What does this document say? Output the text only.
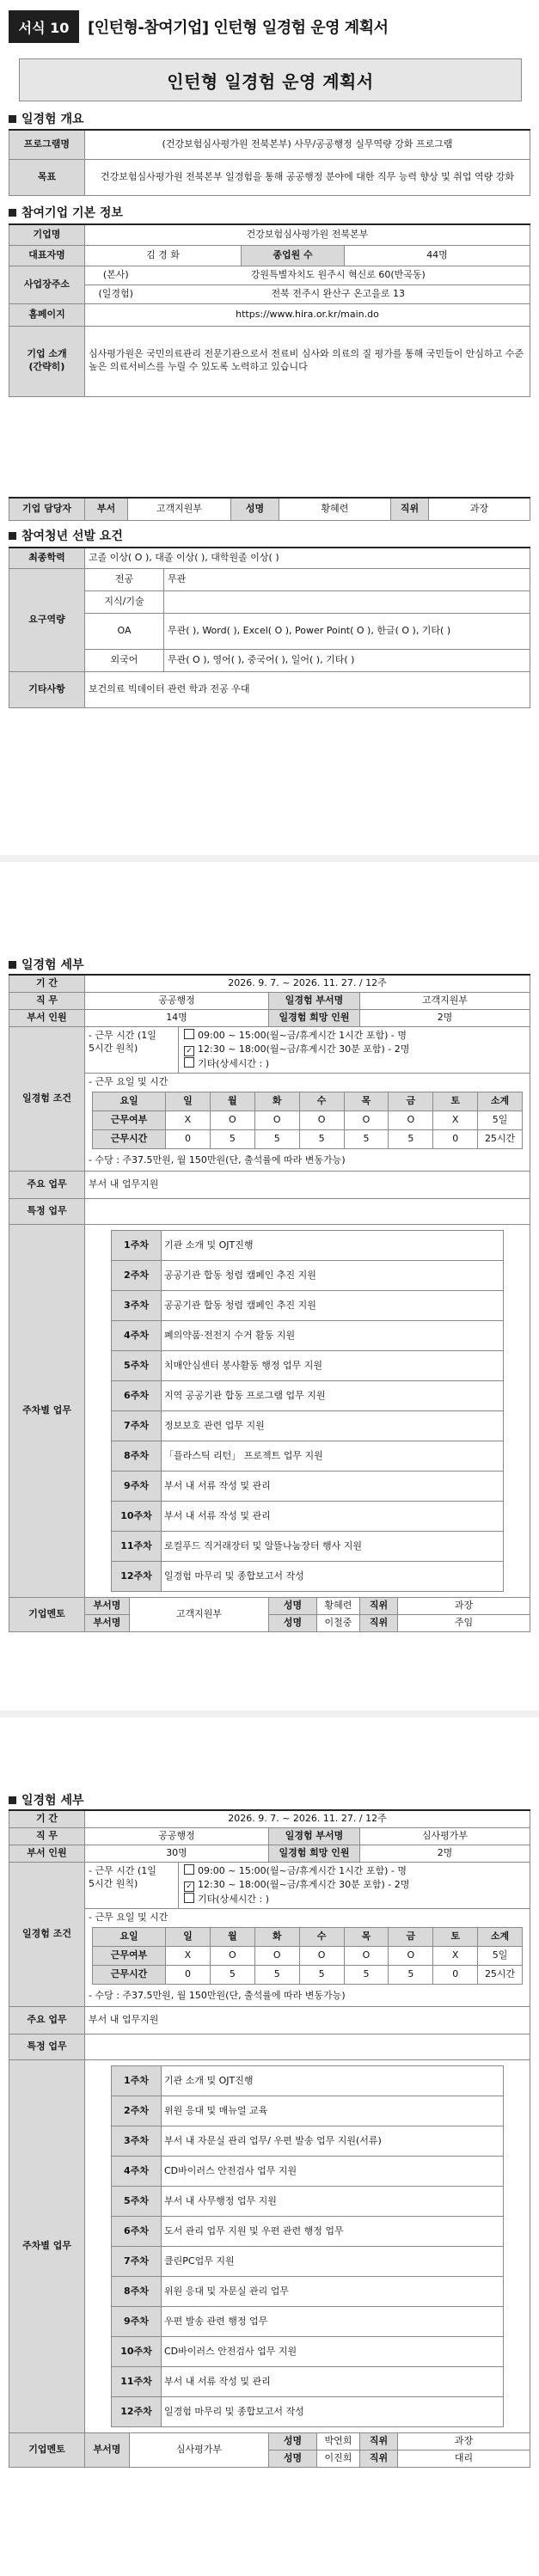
서식 10	[인턴형-참여기업] 인턴형 일경험 운영 계획서
인턴형 일경험 운영 계획서
일경험 개요
프로그램명	(건강보험심사평가원 전북본부) 사무/공공행정 실무역량 강화 프로그램
목표	건강보험심사평가원 전북본부 일경험을 통해 공공행정 분야에 대한 직무 능력 향상 및 취업 역량 강화
참여기업 기본 정보
기업명	건강보험심사평가원 전북본부			
대표자명	김 경 화		종업원 수	44명
사업장주소	(본사)	강원특별자치도 원주시 혁신로 60(반곡동)		
	(일경험)	전북 전주시 완산구 온고을로 13		
홈페이지	https://www.hira.or.kr/main.do			
기업 소개 (간략히)	심사평가원은 국민의료관리 전문기관으로서 전료비 심사와 의료의 질 평가를 통해 국민들이 안심하고 수준 높은 의료서비스를 누릴 수 있도록 노력하고 있습니다			
기업 담당자	부서	고객지원부	성명	황혜련	직위	과장
참여청년 선발 요건
최종학력	고졸 이상( O ), 대졸 이상( ), 대학원졸 이상( )	
요구역량	전공	무관
	지식/기술	
	OA	무관( ), Word( ), Excel( O ), Power Point( O ), 한글( O ), 기타( )
	외국어	무관( O ), 영어( ), 중국어( ), 일어( ), 기타( )
기타사항	보건의료 빅데이터 관련 학과 전공 우대	
일경험 세부
기 간	2026. 9. 7. ~ 2026. 11. 27. / 12주
직 무	공공행정	일경험 부서명	고객지원부
부서 인원	14명	일경험 희망 인원	2명
일경험 조건	
- 근무 시간 (1일 5시간 원칙)
09:00 ~ 15:00(월~금/휴게시간 1시간 포함) - 명
✓ 12:30 ~ 18:00(월~금/휴게시간 30분 포함) - 2명
기타(상세시간 : )
- 근무 요일 및 시간
요일	일	월	화	수	목	금	토	소계
근무여부	X	O	O	O	O	O	X	5일
근무시간	0	5	5	5	5	5	0	25시간
- 수당 : 주37.5만원, 월 150만원(단, 출석률에 따라 변동가능)

주요 업무	부서 내 업무지원
특정 업무	
주차별 업무	
1주차	기관 소개 및 OJT진행
2주차	공공기관 합동 청렴 캠페인 추진 지원
3주차	공공기관 합동 청렴 캠페인 추진 지원
4주차	폐의약품·전전지 수거 활동 지원
5주차	치매안심센터 봉사활동 행정 업무 지원
6주차	지역 공공기관 합동 프로그램 업무 지원
7주차	정보보호 관련 업무 지원
8주차	「플라스틱 리턴」 프로젝트 업무 지원
9주차	부서 내 서류 작성 및 관리
10주차	부서 내 서류 작성 및 관리
11주차	로컬푸드 직거래장터 및 알뜰나눔장터 행사 지원
12주차	일경험 마무리 및 종합보고서 작성

기업멘토	부서명	고객지원부	성명	황혜련	직위	과장
부서명	성명	이철중	직위	주임
일경험 세부
기 간	2026. 9. 7. ~ 2026. 11. 27. / 12주
직 무	공공행정	일경험 부서명	심사평가부
부서 인원	30명	일경험 희망 인원	2명
일경험 조건	
- 근무 시간 (1일 5시간 원칙)
09:00 ~ 15:00(월~금/휴게시간 1시간 포함) - 명
✓ 12:30 ~ 18:00(월~금/휴게시간 30분 포함) - 2명
기타(상세시간 : )
- 근무 요일 및 시간
요일	일	월	화	수	목	금	토	소계
근무여부	X	O	O	O	O	O	X	5일
근무시간	0	5	5	5	5	5	0	25시간
- 수당 : 주37.5만원, 월 150만원(단, 출석률에 따라 변동가능)

주요 업무	부서 내 업무지원
특정 업무	
주차별 업무	
1주차	기관 소개 및 OJT진행
2주차	위원 응대 및 매뉴얼 교육
3주차	부서 내 자문실 관리 업무/ 우편 발송 업무 지원(서류)
4주차	CD바이러스 안전검사 업무 지원
5주차	부서 내 사무행정 업무 지원
6주차	도서 관리 업무 지원 및 우편 관련 행정 업무
7주차	클린PC업무 지원
8주차	위원 응대 및 자문실 관리 업무
9주차	우편 발송 관련 행정 업무
10주차	CD바이러스 안전검사 업무 지원
11주차	부서 내 서류 작성 및 관리
12주차	일경험 마무리 및 종합보고서 작성

기업멘토	부서명	심사평가부	성명	박연희	직위	과장
성명	이진희	직위	대리
